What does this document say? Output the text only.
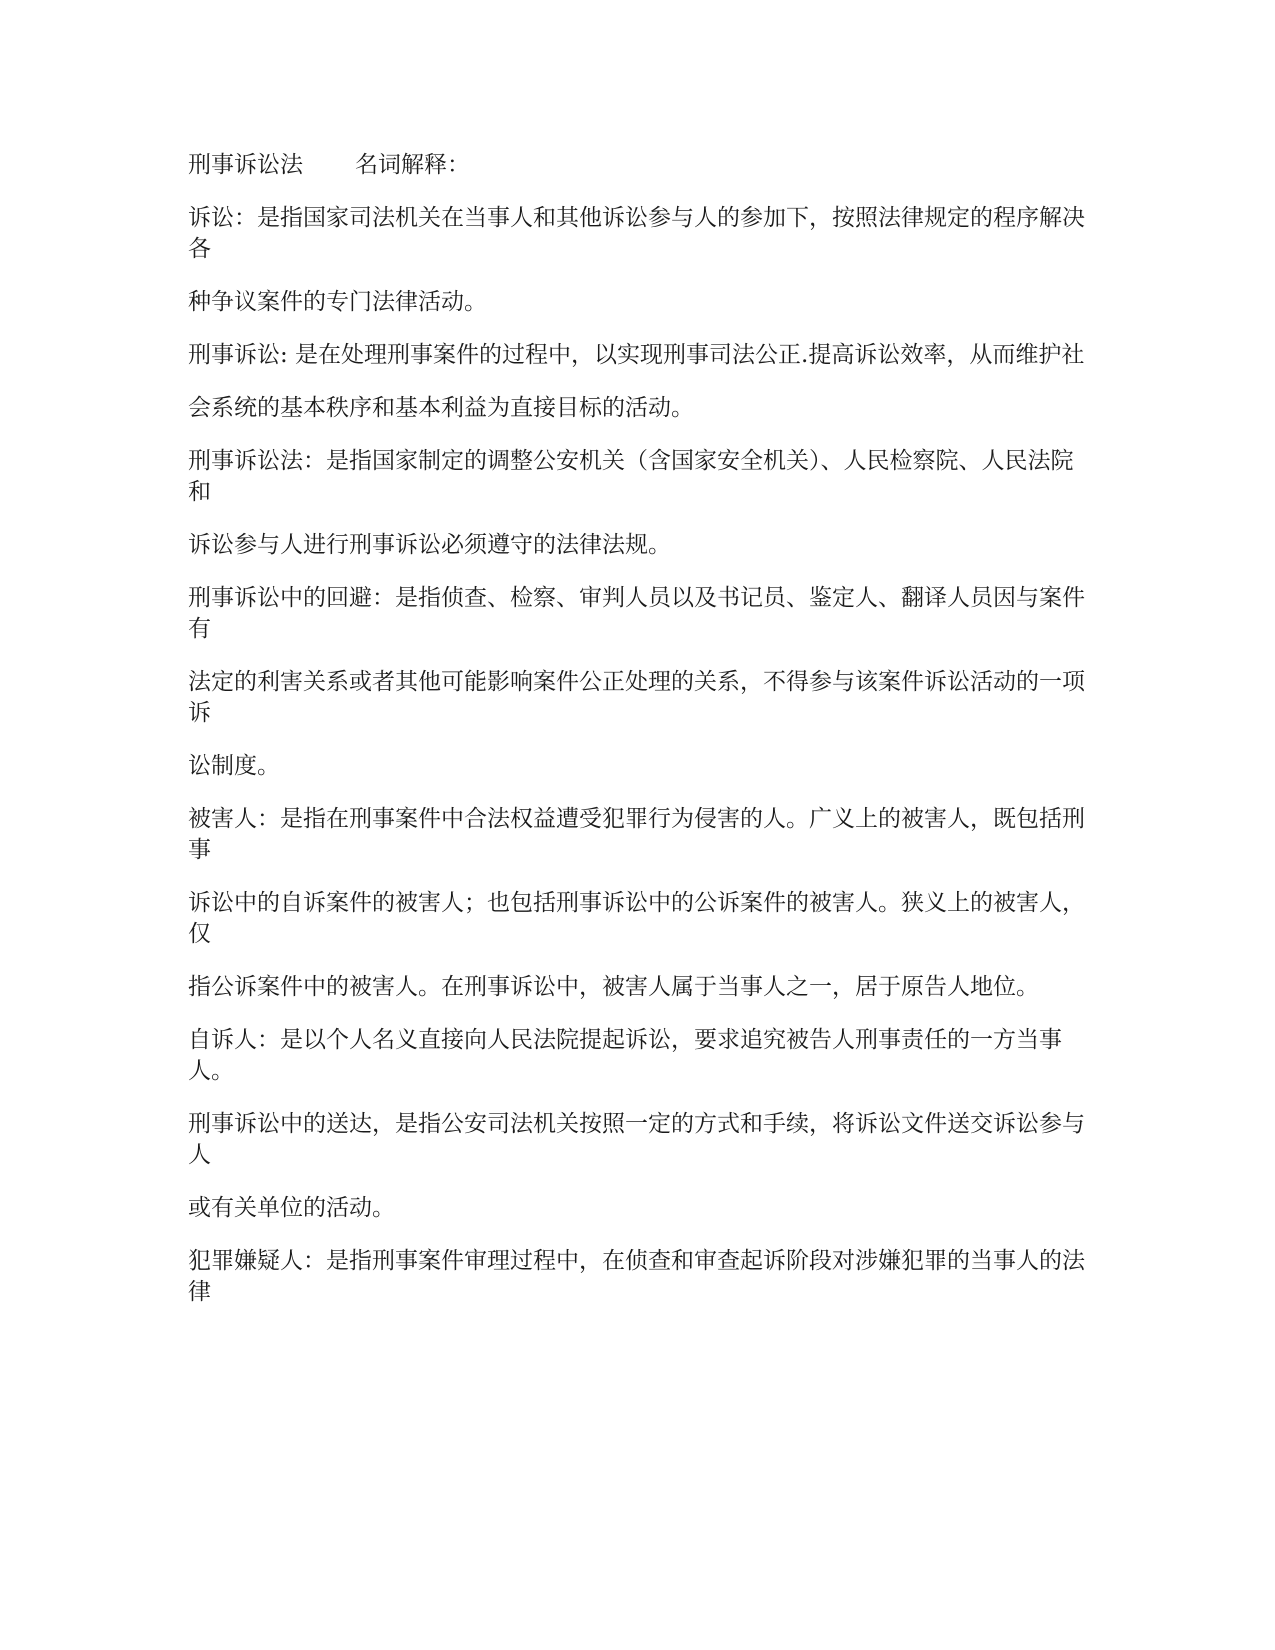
刑事诉讼法 名词解释：

诉讼：是指国家司法机关在当事人和其他诉讼参与人的参加下，按照法律规定的程序解决各

种争议案件的专门法律活动。

刑事诉讼: 是在处理刑事案件的过程中，以实现刑事司法公正.提高诉讼效率，从而维护社

会系统的基本秩序和基本利益为直接目标的活动。

刑事诉讼法：是指国家制定的调整公安机关（含国家安全机关）、人民检察院、人民法院和

诉讼参与人进行刑事诉讼必须遵守的法律法规。

刑事诉讼中的回避：是指侦查、检察、审判人员以及书记员、鉴定人、翻译人员因与案件有

法定的利害关系或者其他可能影响案件公正处理的关系，不得参与该案件诉讼活动的一项诉

讼制度。

被害人：是指在刑事案件中合法权益遭受犯罪行为侵害的人。广义上的被害人，既包括刑事

诉讼中的自诉案件的被害人；也包括刑事诉讼中的公诉案件的被害人。狭义上的被害人，仅

指公诉案件中的被害人。在刑事诉讼中，被害人属于当事人之一，居于原告人地位。

自诉人：是以个人名义直接向人民法院提起诉讼，要求追究被告人刑事责任的一方当事人。

刑事诉讼中的送达，是指公安司法机关按照一定的方式和手续，将诉讼文件送交诉讼参与人

或有关单位的活动。

犯罪嫌疑人：是指刑事案件审理过程中，在侦查和审查起诉阶段对涉嫌犯罪的当事人的法律
